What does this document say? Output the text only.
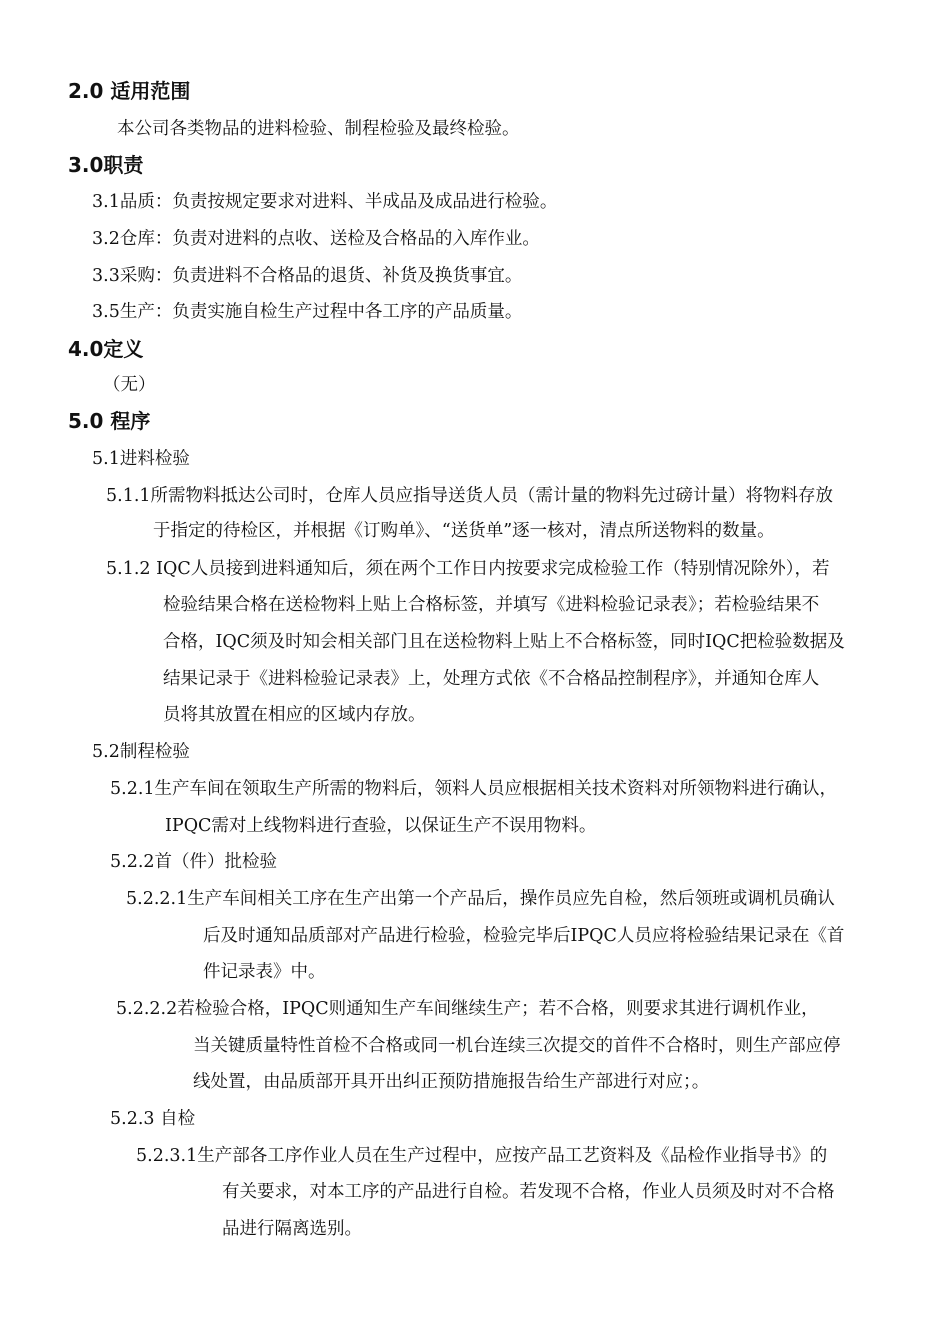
2.0 适用范围
本公司各类物品的进料检验、制程检验及最终检验。
3.0职责
3.1品质：负责按规定要求对进料、半成品及成品进行检验。
3.2仓库：负责对进料的点收、送检及合格品的入库作业。
3.3采购：负责进料不合格品的退货、补货及换货事宜。
3.5生产：负责实施自检生产过程中各工序的产品质量。
4.0定义
（无）
5.0 程序
5.1进料检验
5.1.1所需物料抵达公司时，仓库人员应指导送货人员（需计量的物料先过磅计量）将物料存放
于指定的待检区，并根据《订购单》、“送货单”逐一核对，清点所送物料的数量。
5.1.2 IQC人员接到进料通知后，须在两个工作日内按要求完成检验工作（特别情况除外），若
检验结果合格在送检物料上贴上合格标签，并填写《进料检验记录表》；若检验结果不
合格，IQC须及时知会相关部门且在送检物料上贴上不合格标签，同时IQC把检验数据及
结果记录于《进料检验记录表》上，处理方式依《不合格品控制程序》，并通知仓库人
员将其放置在相应的区域内存放。
5.2制程检验
5.2.1生产车间在领取生产所需的物料后，领料人员应根据相关技术资料对所领物料进行确认，
IPQC需对上线物料进行查验，以保证生产不误用物料。
5.2.2首（件）批检验
5.2.2.1生产车间相关工序在生产出第一个产品后，操作员应先自检，然后领班或调机员确认
后及时通知品质部对产品进行检验，检验完毕后IPQC人员应将检验结果记录在《首
件记录表》中。
5.2.2.2若检验合格，IPQC则通知生产车间继续生产；若不合格，则要求其进行调机作业，
当关键质量特性首检不合格或同一机台连续三次提交的首件不合格时，则生产部应停
线处置，由品质部开具开出纠正预防措施报告给生产部进行对应；。
5.2.3 自检
5.2.3.1生产部各工序作业人员在生产过程中，应按产品工艺资料及《品检作业指导书》的
有关要求，对本工序的产品进行自检。若发现不合格，作业人员须及时对不合格
品进行隔离选别。
